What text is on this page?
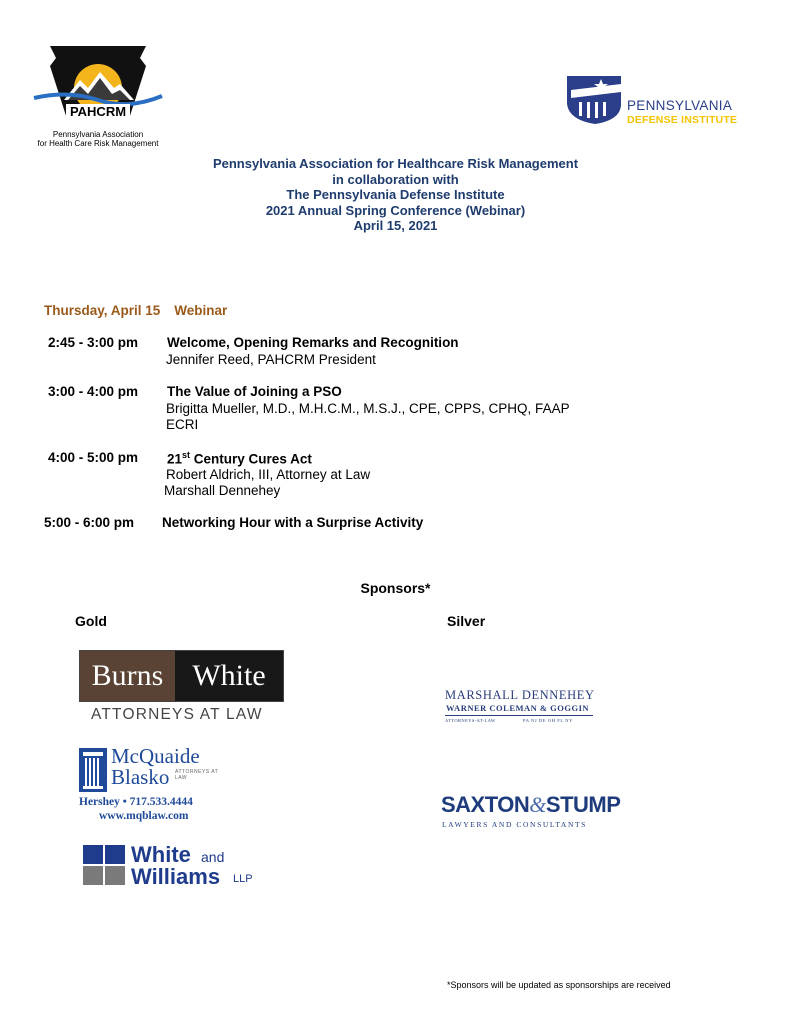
PAHCRM
Pennsylvania Association
for Health Care Risk Management
PENNSYLVANIA
DEFENSE INSTITUTE
Pennsylvania Association for Healthcare Risk Management
in collaboration with
The Pennsylvania Defense Institute
2021 Annual Spring Conference (Webinar)
April 15, 2021
Thursday, April 15 Webinar
2:45 - 3:00 pm Welcome, Opening Remarks and Recognition
Jennifer Reed, PAHCRM President
3:00 - 4:00 pm The Value of Joining a PSO
Brigitta Mueller, M.D., M.H.C.M., M.S.J., CPE, CPPS, CPHQ, FAAP
ECRI
4:00 - 5:00 pm 21st Century Cures Act
Robert Aldrich, III, Attorney at Law
Marshall Dennehey
5:00 - 6:00 pm Networking Hour with a Surprise Activity
Sponsors*
Gold	Silver
Burns White
ATTORNEYS AT LAW
McQuaide
Blasko ATTORNEYS AT LAW
Hershey • 717.533.4444
www.mqblaw.com
White and
Williams LLP
MARSHALL DENNEHEY
WARNER COLEMAN & GOGGIN
ATTORNEYS-AT-LAW	PA NJ DE OH FL NY
SAXTON&STUMP
LAWYERS AND CONSULTANTS
*Sponsors will be updated as sponsorships are received
